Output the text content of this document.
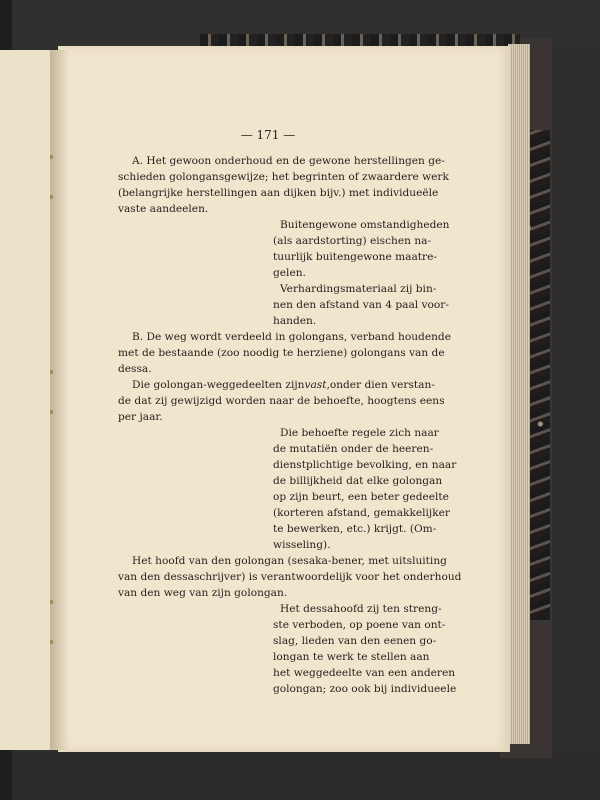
— 171 —
A. Het gewoon onderhoud en de gewone herstellingen ge-
schieden golongansgewijze; het begrinten of zwaardere werk
(belangrijke herstellingen aan dijken bijv.) met individueële
vaste aandeelen.
Buitengewone omstandigheden
(als aardstorting) eischen na-
tuurlijk buitengewone maatre-
gelen.
Verhardingsmateriaal zij bin-
nen den afstand van 4 paal voor-
handen.
B. De weg wordt verdeeld in golongans, verband houdende
met de bestaande (zoo noodig te herziene) golongans van de
dessa.
Die golongan-weggedeelten zijn vast, onder dien verstan-
de dat zij gewijzigd worden naar de behoefte, hoogtens eens
per jaar.
Die behoefte regele zich naar
de mutatiën onder de heeren-
dienstplichtige bevolking, en naar
de billijkheid dat elke golongan
op zijn beurt, een beter gedeelte
(korteren afstand, gemakkelijker
te bewerken, etc.) krijgt. (Om-
wisseling).
Het hoofd van den golongan (sesaka-bener, met uitsluiting
van den dessaschrijver) is verantwoordelijk voor het onderhoud
van den weg van zijn golongan.
Het dessahoofd zij ten streng-
ste verboden, op poene van ont-
slag, lieden van den eenen go-
longan te werk te stellen aan
het weggedeelte van een anderen
golongan; zoo ook bij individueele
